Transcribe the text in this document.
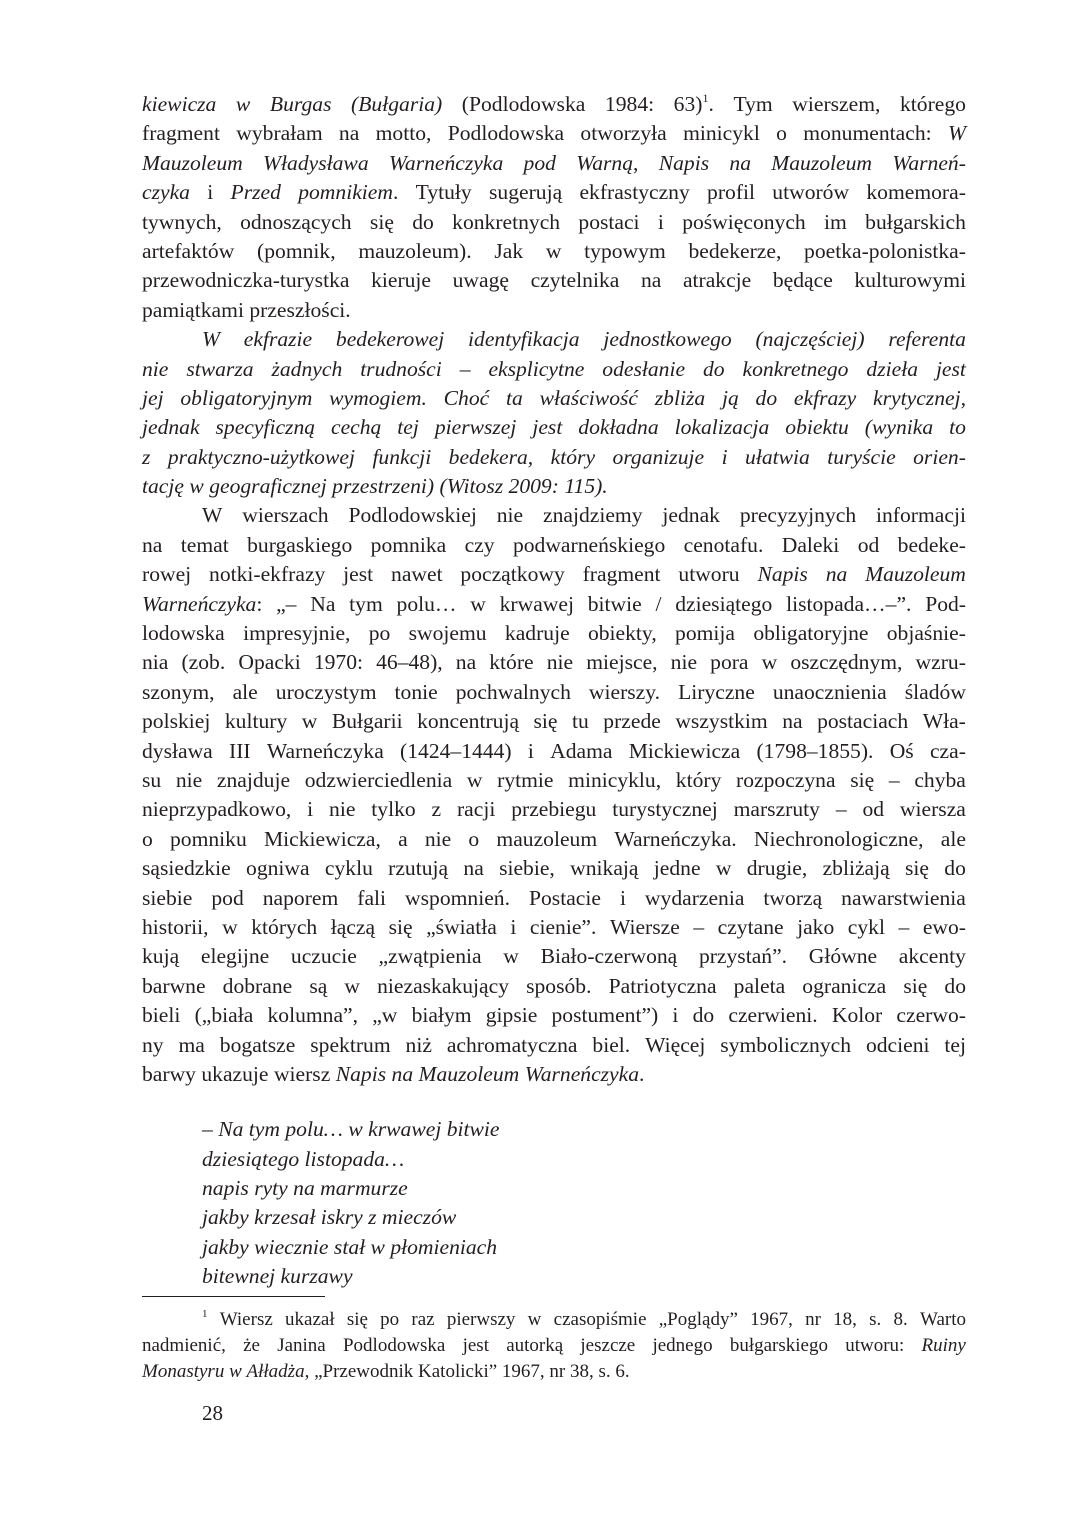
kiewicza w Burgas (Bułgaria) (Podlodowska 1984: 63)$^1$. Tym wierszem, którego
fragment wybrałam na motto, Podlodowska otworzyła minicykl o monumentach: W
Mauzoleum Władysława Warneńczyka pod Warną, Napis na Mauzoleum Warneń-
czyka i Przed pomnikiem. Tytuły sugerują ekfrastyczny profil utworów komemora-
tywnych, odnoszących się do konkretnych postaci i poświęconych im bułgarskich
artefaktów (pomnik, mauzoleum). Jak w typowym bedekerze, poetka-polonistka-
przewodniczka-turystka kieruje uwagę czytelnika na atrakcje będące kulturowymi
pamiątkami przeszłości.
W ekfrazie bedekerowej identyfikacja jednostkowego (najczęściej) referenta
nie stwarza żadnych trudności – eksplicytne odesłanie do konkretnego dzieła jest
jej obligatoryjnym wymogiem. Choć ta właściwość zbliża ją do ekfrazy krytycznej,
jednak specyficzną cechą tej pierwszej jest dokładna lokalizacja obiektu (wynika to
z praktyczno-użytkowej funkcji bedekera, który organizuje i ułatwia turyście orien-
tację w geograficznej przestrzeni) (Witosz 2009: 115).
W wierszach Podlodowskiej nie znajdziemy jednak precyzyjnych informacji
na temat burgaskiego pomnika czy podwarneńskiego cenotafu. Daleki od bedeke-
rowej notki-ekfrazy jest nawet początkowy fragment utworu Napis na Mauzoleum
Warneńczyka: „– Na tym polu… w krwawej bitwie / dziesiątego listopada…–”. Pod-
lodowska impresyjnie, po swojemu kadruje obiekty, pomija obligatoryjne objaśnie-
nia (zob. Opacki 1970: 46–48), na które nie miejsce, nie pora w oszczędnym, wzru-
szonym, ale uroczystym tonie pochwalnych wierszy. Liryczne unaocznienia śladów
polskiej kultury w Bułgarii koncentrują się tu przede wszystkim na postaciach Wła-
dysława III Warneńczyka (1424–1444) i Adama Mickiewicza (1798–1855). Oś cza-
su nie znajduje odzwierciedlenia w rytmie minicyklu, który rozpoczyna się – chyba
nieprzypadkowo, i nie tylko z racji przebiegu turystycznej marszruty – od wiersza
o pomniku Mickiewicza, a nie o mauzoleum Warneńczyka. Niechronologiczne, ale
sąsiedzkie ogniwa cyklu rzutują na siebie, wnikają jedne w drugie, zbliżają się do
siebie pod naporem fali wspomnień. Postacie i wydarzenia tworzą nawarstwienia
historii, w których łączą się „światła i cienie”. Wiersze – czytane jako cykl – ewo-
kują elegijne uczucie „zwątpienia w Biało-czerwoną przystań”. Główne akcenty
barwne dobrane są w niezaskakujący sposób. Patriotyczna paleta ogranicza się do
bieli („biała kolumna”, „w białym gipsie postument”) i do czerwieni. Kolor czerwo-
ny ma bogatsze spektrum niż achromatyczna biel. Więcej symbolicznych odcieni tej
barwy ukazuje wiersz Napis na Mauzoleum Warneńczyka.
– Na tym polu… w krwawej bitwie
dziesiątego listopada…
napis ryty na marmurze
jakby krzesał iskry z mieczów
jakby wiecznie stał w płomieniach
bitewnej kurzawy
$^1$ Wiersz ukazał się po raz pierwszy w czasopiśmie „Poglądy” 1967, nr 18, s. 8. Warto
nadmienić, że Janina Podlodowska jest autorką jeszcze jednego bułgarskiego utworu: Ruiny
Monastyru w Ałładża, „Przewodnik Katolicki” 1967, nr 38, s. 6.
28
